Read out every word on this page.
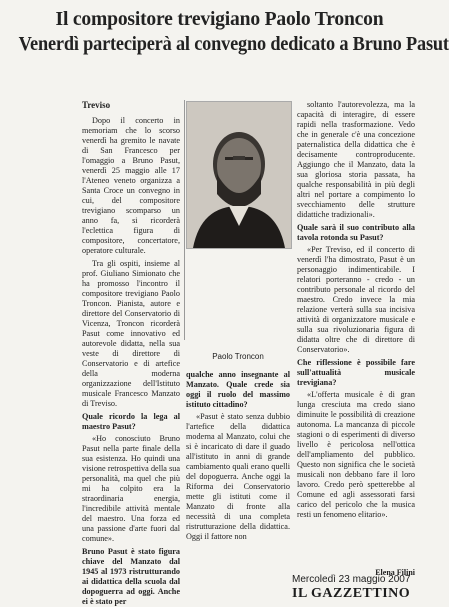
Il compositore trevigiano Paolo Troncon
Venerdì parteciperà al convegno dedicato a Bruno Pasut
Treviso

Dopo il concerto in memoriam che lo scorso venerdì ha gremito le navate di San Francesco per l'omaggio a Bruno Pasut, venerdì 25 maggio alle 17 l'Ateneo veneto organizza a Santa Croce un convegno in cui, del compositore trevigiano scomparso un anno fa, si ricorderà l'eclettica figura di compositore, concertatore, operatore culturale.

Tra gli ospiti, insieme al prof. Giuliano Simionato che ha promosso l'incontro il compositore trevigiano Paolo Troncon. Pianista, autore e direttore del Conservatorio di Vicenza, Troncon ricorderà Pasut come innovativo ed autorevole didatta, nella sua veste di direttore di Conservatorio e di artefice della moderna organizzazione dell'Istituto musicale Francesco Manzato di Treviso.

Quale ricordo la lega al maestro Pasut?

«Ho conosciuto Bruno Pasut nella parte finale della sua esistenza. Ho quindi una visione retrospettiva della sua personalità, ma quel che più mi ha colpito era la straordinaria energia, l'incredibile attività mentale del maestro. Una forza ed una passione d'arte fuori dal comune».

Bruno Pasut è stato figura chiave del Manzato dal 1945 al 1973 ristrutturando ai didattica della scuola dal dopoguerra ad oggi. Anche ei è stato per

Paolo Troncon

qualche anno insegnante al Manzato. Quale crede sia oggi il ruolo del massimo istituto cittadino?

«Pasut è stato senza dubbio l'artefice della didattica moderna al Manzato, colui che si è incaricato di dare il guado all'istituto in anni di grande cambiamento quali erano quelli del dopoguerra. Anche oggi la Riforma dei Conservatorio mette gli istituti come il Manzato di fronte alla necessità di una completa ristrutturazione della didattica. Oggi il fattore non

soltanto l'autorevolezza, ma la capacità di interagire, di essere rapidi nella trasformazione. Vedo che in generale c'è una concezione paternalistica della didattica che è decisamente controproducente. Aggiungo che il Manzato, data la sua gloriosa storia passata, ha qualche responsabilità in più degli altri nel portare a compimento lo svecchiamento delle strutture didattiche tradizionali».

Quale sarà il suo contributo alla tavola rotonda su Pasut?

«Per Treviso, ed il concerto di venerdì l'ha dimostrato, Pasut è un personaggio indimenticabile. I relatori porteranno - credo - un contributo personale al ricordo del maestro. Credo invece la mia relazione verterà sulla sua incisiva attività di organizzatore musicale e sulla sua rivoluzionaria figura di didatta oltre che di direttore di Conservatorio».

Che riflessione è possibile fare sull'attualità musicale trevigiana?

«L'offerta musicale è di gran lunga cresciuta ma credo siano diminuite le possibilità di creazione autonoma. La mancanza di piccole stagioni o di esperimenti di diverso livello è pericolosa nell'ottica dell'ampliamento del pubblico. Questo non significa che le società musicali non debbano fare il loro lavoro. Credo però spetterebbe al Comune ed agli assessorati farsi carico del pericolo che la musica resti un fenomeno elitario».

Elena Filini
Mercoledì 23 maggio 2007
IL GAZZETTINO
